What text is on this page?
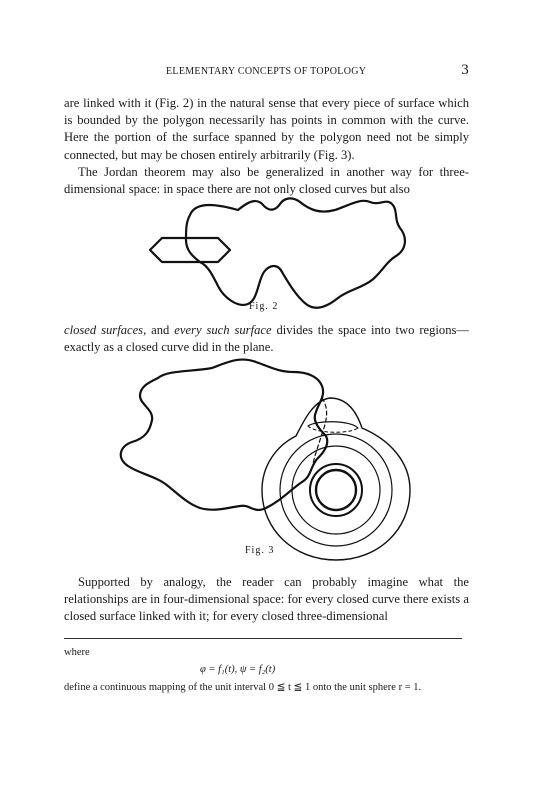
ELEMENTARY CONCEPTS OF TOPOLOGY	3

are linked with it (Fig. 2) in the natural sense that every piece of surface which is bounded by the polygon necessarily has points in common with the curve. Here the portion of the surface spanned by the polygon need not be simply connected, but may be chosen entirely arbitrarily (Fig. 3).

The Jordan theorem may also be generalized in another way for three-dimensional space: in space there are not only closed curves but also

Fig. 2

closed surfaces, and every such surface divides the space into two regions—exactly as a closed curve did in the plane.

Fig. 3

Supported by analogy, the reader can probably imagine what the relationships are in four-dimensional space: for every closed curve there exists a closed surface linked with it; for every closed three-dimensional

where
φ = f₁(t), ψ = f₂(t)
define a continuous mapping of the unit interval 0 ≦ t ≦ 1 onto the unit sphere r = 1.
